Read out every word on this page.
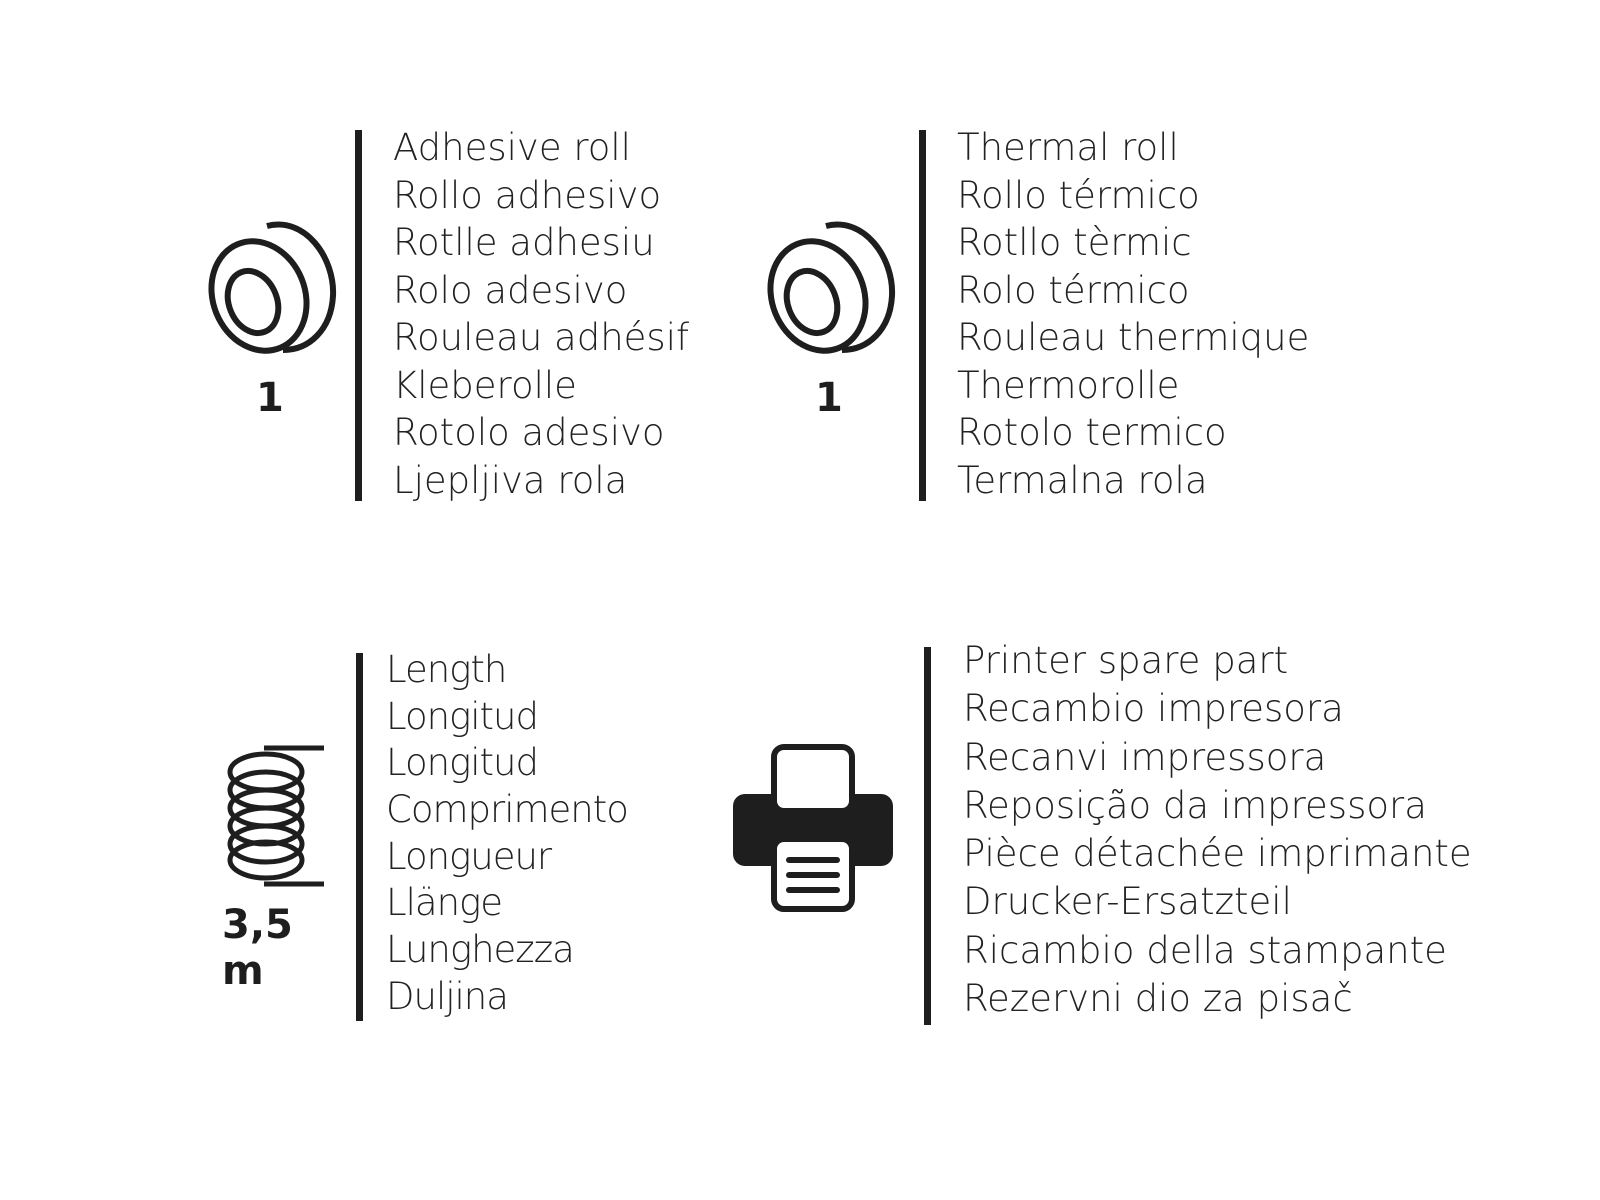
1
Adhesive roll
Rollo adhesivo
Rotlle adhesiu
Rolo adesivo
Rouleau adhésif
Kleberolle
Rotolo adesivo
Ljepljiva rola
1
Thermal roll
Rollo térmico
Rotllo tèrmic
Rolo térmico
Rouleau thermique
Thermorolle
Rotolo termico
Termalna rola
3,5 m
Length
Longitud
Longitud
Comprimento
Longueur
Llänge
Lunghezza
Duljina
Printer spare part
Recambio impresora
Recanvi impressora
Reposição da impressora
Pièce détachée imprimante
Drucker-Ersatzteil
Ricambio della stampante
Rezervni dio za pisač
